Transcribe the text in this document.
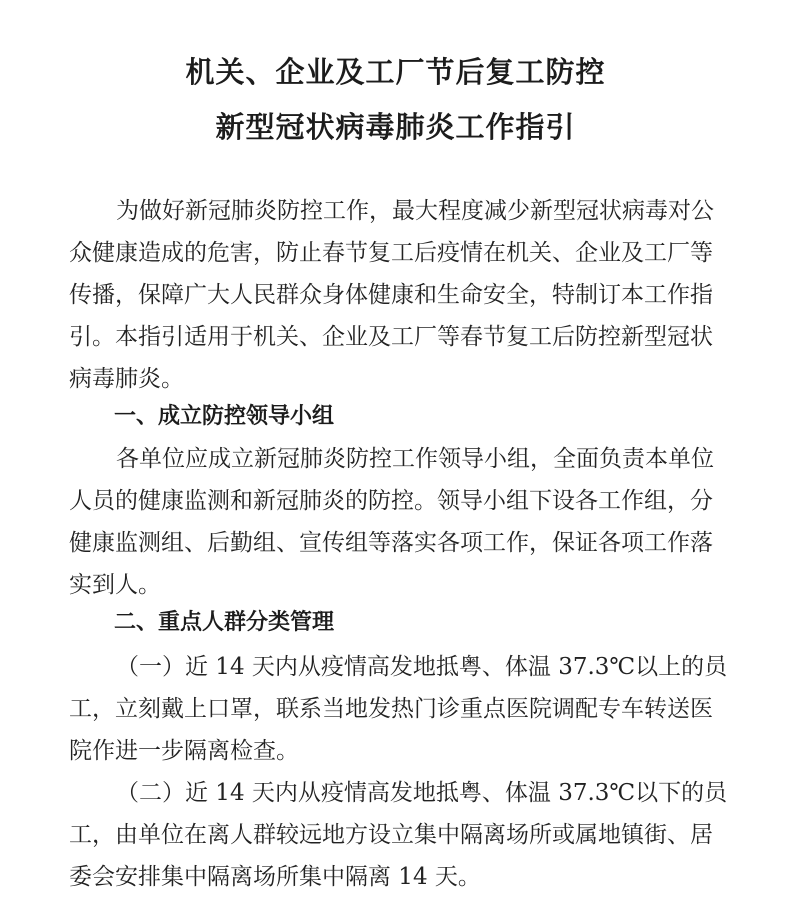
机关、企业及工厂节后复工防控
新型冠状病毒肺炎工作指引
为做好新冠肺炎防控工作，最大程度减少新型冠状病毒对公
众健康造成的危害，防止春节复工后疫情在机关、企业及工厂等
传播，保障广大人民群众身体健康和生命安全，特制订本工作指
引。本指引适用于机关、企业及工厂等春节复工后防控新型冠状
病毒肺炎。
一、成立防控领导小组
各单位应成立新冠肺炎防控工作领导小组，全面负责本单位
人员的健康监测和新冠肺炎的防控。领导小组下设各工作组，分
健康监测组、后勤组、宣传组等落实各项工作，保证各项工作落
实到人。
二、重点人群分类管理
（一）近 14 天内从疫情高发地抵粤、体温 37.3℃以上的员
工，立刻戴上口罩，联系当地发热门诊重点医院调配专车转送医
院作进一步隔离检查。
（二）近 14 天内从疫情高发地抵粤、体温 37.3℃以下的员
工，由单位在离人群较远地方设立集中隔离场所或属地镇街、居
委会安排集中隔离场所集中隔离 14 天。
